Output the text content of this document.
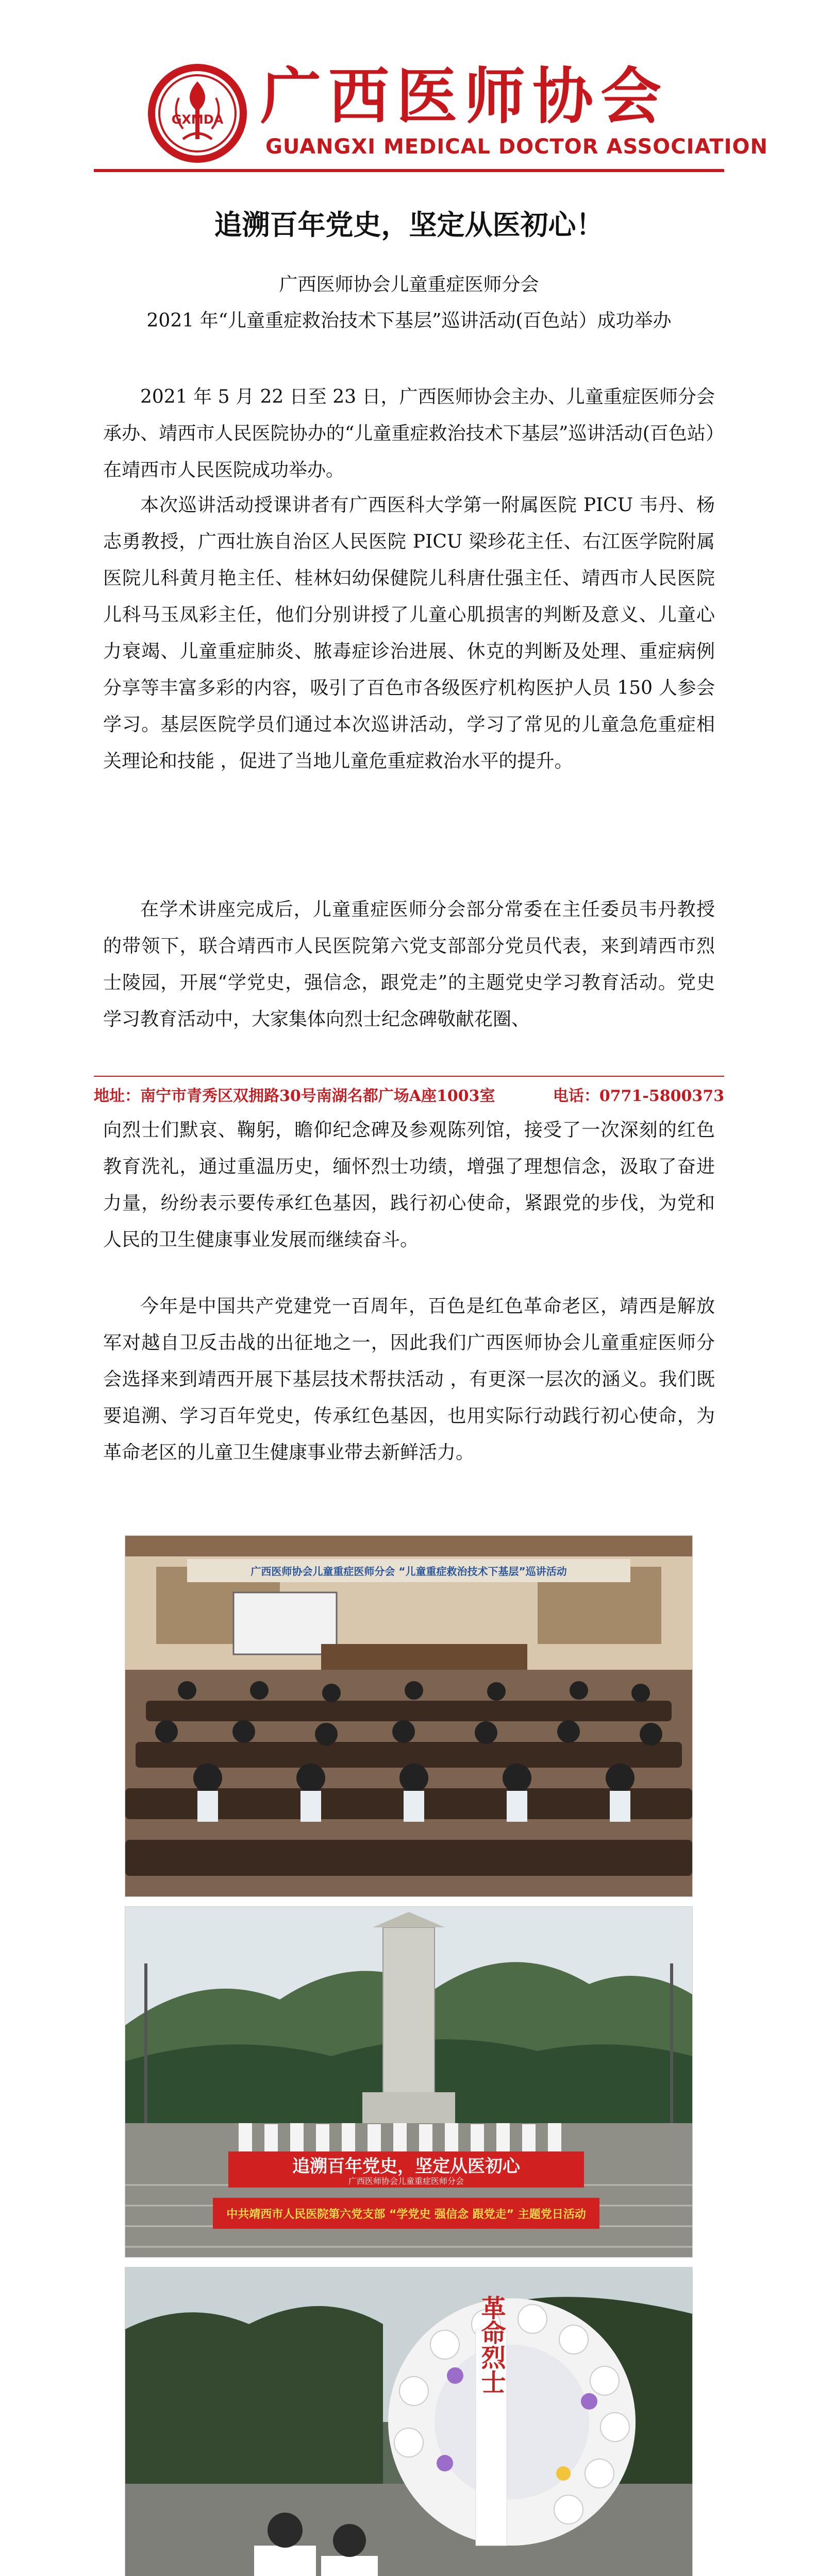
GXMDA 广西医师协会
GUANGXI MEDICAL DOCTOR ASSOCIATION
追溯百年党史，坚定从医初心！
广西医师协会儿童重症医师分会
2021 年“儿童重症救治技术下基层”巡讲活动(百色站）成功举办

2021 年 5 月 22 日至 23 日，广西医师协会主办、儿童重症医师分会承办、靖西市人民医院协办的“儿童重症救治技术下基层”巡讲活动(百色站）在靖西市人民医院成功举办。

本次巡讲活动授课讲者有广西医科大学第一附属医院 PICU 韦丹、杨志勇教授，广西壮族自治区人民医院 PICU 梁珍花主任、右江医学院附属医院儿科黄月艳主任、桂林妇幼保健院儿科唐仕强主任、靖西市人民医院儿科马玉凤彩主任，他们分别讲授了儿童心肌损害的判断及意义、儿童心力衰竭、儿童重症肺炎、脓毒症诊治进展、休克的判断及处理、重症病例分享等丰富多彩的内容，吸引了百色市各级医疗机构医护人员 150 人参会学习。基层医院学员们通过本次巡讲活动，学习了常见的儿童急危重症相关理论和技能 ，促进了当地儿童危重症救治水平的提升。

在学术讲座完成后，儿童重症医师分会部分常委在主任委员韦丹教授的带领下，联合靖西市人民医院第六党支部部分党员代表，来到靖西市烈士陵园，开展“学党史，强信念，跟党走”的主题党史学习教育活动。党史学习教育活动中，大家集体向烈士纪念碑敬献花圈、

地址：南宁市青秀区双拥路30号南湖名都广场A座1003室	电话：0771-5800373

向烈士们默哀、鞠躬，瞻仰纪念碑及参观陈列馆，接受了一次深刻的红色教育洗礼，通过重温历史，缅怀烈士功绩，增强了理想信念，汲取了奋进力量，纷纷表示要传承红色基因，践行初心使命，紧跟党的步伐，为党和人民的卫生健康事业发展而继续奋斗。

今年是中国共产党建党一百周年，百色是红色革命老区，靖西是解放军对越自卫反击战的出征地之一，因此我们广西医师协会儿童重症医师分会选择来到靖西开展下基层技术帮扶活动 ，有更深一层次的涵义。我们既要追溯、学习百年党史，传承红色基因，也用实际行动践行初心使命，为革命老区的儿童卫生健康事业带去新鲜活力。

广西医师协会儿童重症医师分会 “儿童重症救治技术下基层”巡讲活动
追溯百年党史，坚定从医初心
广西医师协会儿童重症医师分会
中共靖西市人民医院第六党支部 “学党史 强信念 跟党走” 主题党日活动
革命烈士
